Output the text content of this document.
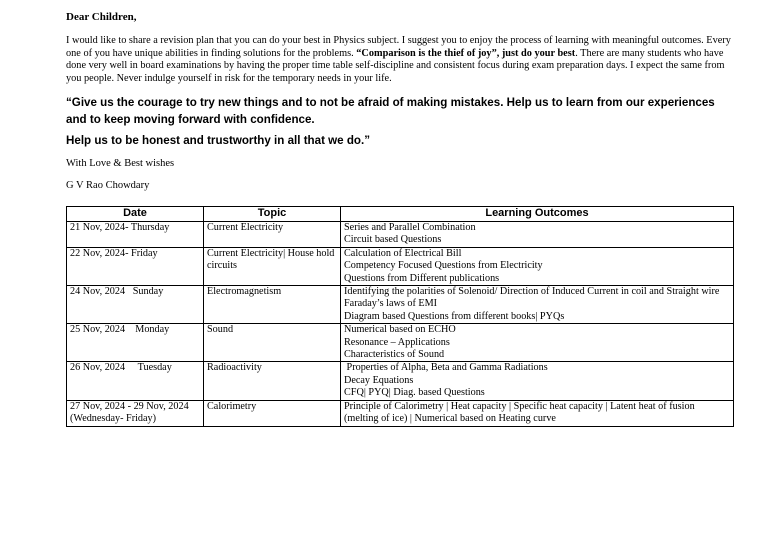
Dear Children,

I would like to share a revision plan that you can do your best in Physics subject. I suggest you to enjoy the process of learning with meaningful outcomes. Every one of you have unique abilities in finding solutions for the problems. “Comparison is the thief of joy”, just do your best. There are many students who have done very well in board examinations by having the proper time table self-discipline and consistent focus during exam preparation days. I expect the same from you people. Never indulge yourself in risk for the temporary needs in your life.

“Give us the courage to try new things and to not be afraid of making mistakes. Help us to learn from our experiences and to keep moving forward with confidence.

Help us to be honest and trustworthy in all that we do.”

With Love & Best wishes

G V Rao Chowdary

Date	Topic	Learning Outcomes
21 Nov, 2024- Thursday	Current Electricity	Series and Parallel Combination
Circuit based Questions

22 Nov, 2024- Friday	Current Electricity| House hold circuits	Calculation of Electrical Bill
Competency Focused Questions from Electricity
Questions from Different publications

24 Nov, 2024   Sunday	Electromagnetism	Identifying the polarities of Solenoid/ Direction of Induced Current in coil and Straight wire
Faraday’s laws of EMI
Diagram based Questions from different books| PYQs

25 Nov, 2024    Monday	Sound	Numerical based on ECHO
Resonance – Applications
Characteristics of Sound

26 Nov, 2024     Tuesday	Radioactivity	Properties of Alpha, Beta and Gamma Radiations
Decay Equations
CFQ| PYQ| Diag. based Questions

27 Nov, 2024 - 29 Nov, 2024 (Wednesday- Friday)	Calorimetry	Principle of Calorimetry | Heat capacity | Specific heat capacity | Latent heat of fusion (melting of ice) | Numerical based on Heating curve
